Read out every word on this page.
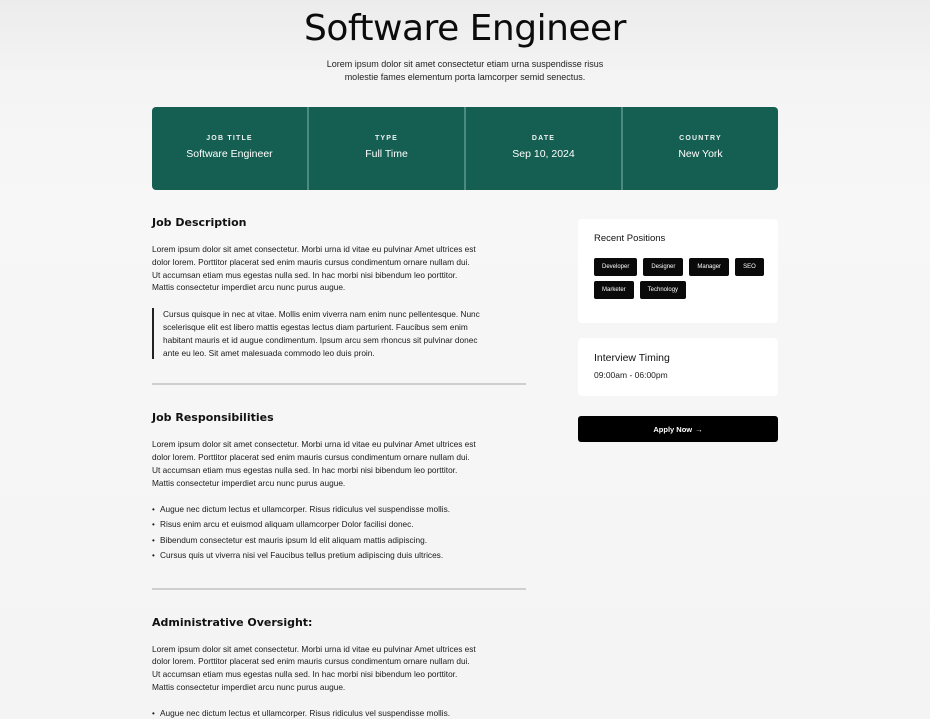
Software Engineer

Lorem ipsum dolor sit amet consectetur etiam urna suspendisse risus molestie fames elementum porta lamcorper semid senectus.

JOB TITLE
Software Engineer
TYPE
Full Time
DATE
Sep 10, 2024
COUNTRY
New York
Job Description

Lorem ipsum dolor sit amet consectetur. Morbi urna id vitae eu pulvinar Amet ultrices est dolor lorem. Porttitor placerat sed enim mauris cursus condimentum ornare nullam dui. Ut accumsan etiam mus egestas nulla sed. In hac morbi nisi bibendum leo porttitor. Mattis consectetur imperdiet arcu nunc purus augue.

Cursus quisque in nec at vitae. Mollis enim viverra nam enim nunc pellentesque. Nunc scelerisque elit est libero mattis egestas lectus diam parturient. Faucibus sem enim habitant mauris et id augue condimentum. Ipsum arcu sem rhoncus sit pulvinar donec ante eu leo. Sit amet malesuada commodo leo duis proin.
Job Responsibilities

Lorem ipsum dolor sit amet consectetur. Morbi urna id vitae eu pulvinar Amet ultrices est dolor lorem. Porttitor placerat sed enim mauris cursus condimentum ornare nullam dui. Ut accumsan etiam mus egestas nulla sed. In hac morbi nisi bibendum leo porttitor. Mattis consectetur imperdiet arcu nunc purus augue.

• Augue nec dictum lectus et ullamcorper. Risus ridiculus vel suspendisse mollis.
• Risus enim arcu et euismod aliquam ullamcorper Dolor facilisi donec.
• Bibendum consectetur est mauris ipsum Id elit aliquam mattis adipiscing.
• Cursus quis ut viverra nisi vel Faucibus tellus pretium adipiscing duis ultrices.
Administrative Oversight:

Lorem ipsum dolor sit amet consectetur. Morbi urna id vitae eu pulvinar Amet ultrices est dolor lorem. Porttitor placerat sed enim mauris cursus condimentum ornare nullam dui. Ut accumsan etiam mus egestas nulla sed. In hac morbi nisi bibendum leo porttitor. Mattis consectetur imperdiet arcu nunc purus augue.

• Augue nec dictum lectus et ullamcorper. Risus ridiculus vel suspendisse mollis.
Recent Positions
Developer	Designer	Manager	SEO
Marketer	Technology
Interview Timing
09:00am - 06:00pm
Apply Now →
